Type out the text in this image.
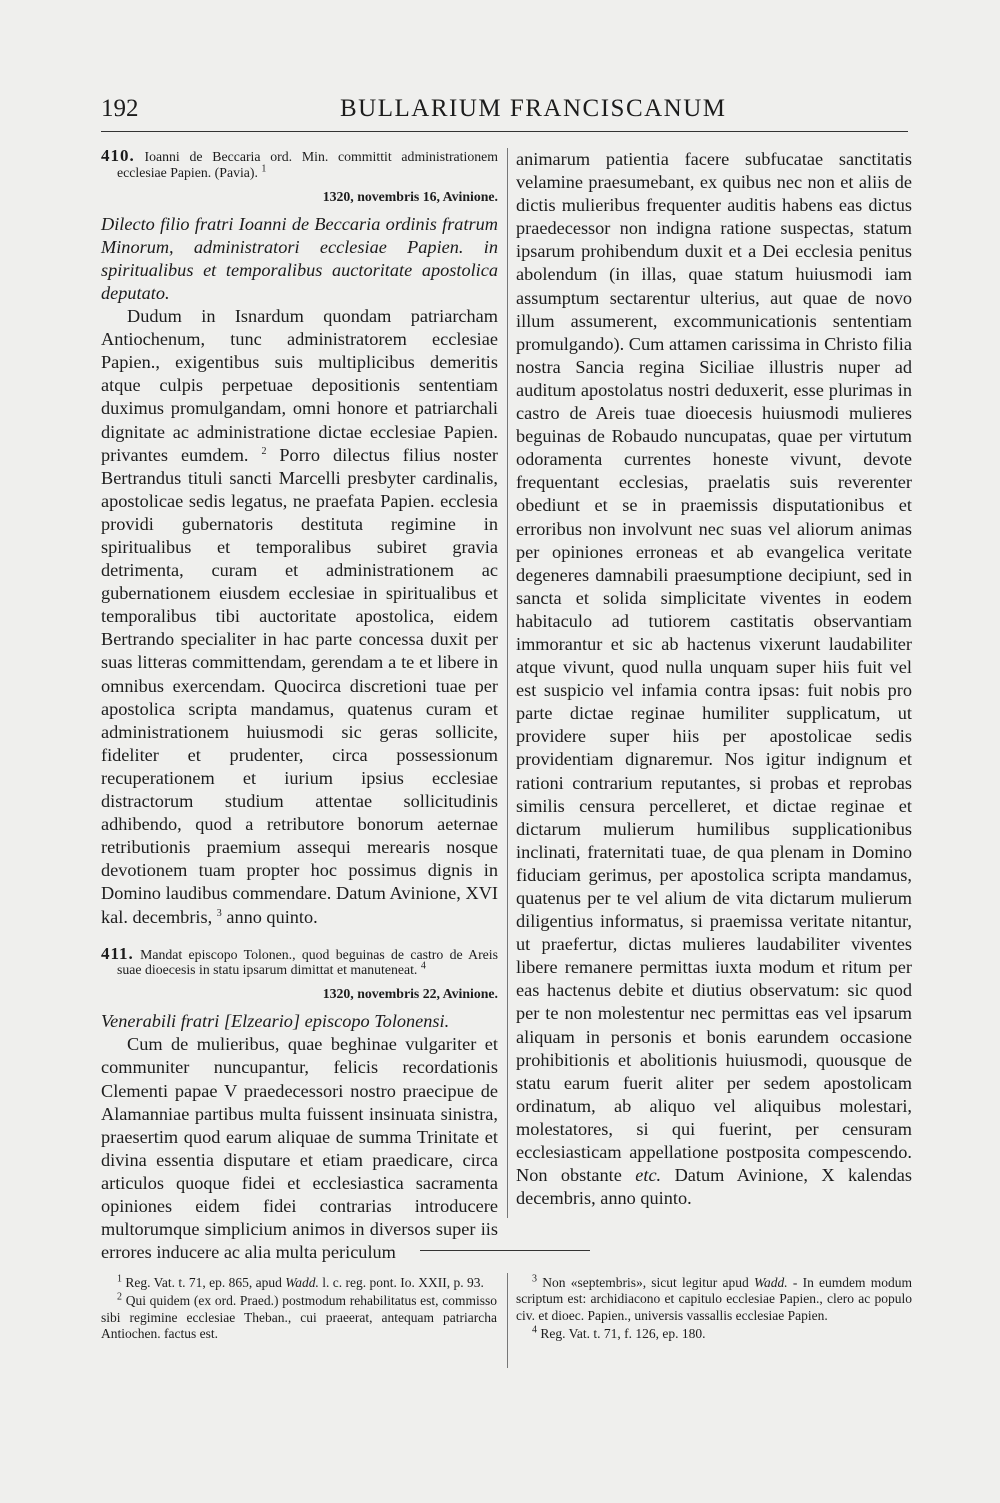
192	BULLARIUM FRANCISCANUM

410. Ioanni de Beccaria ord. Min. committit administrationem ecclesiae Papien. (Pavia). $^1$

1320, novembris 16, Avinione.

Dilecto filio fratri Ioanni de Beccaria ordinis fratrum Minorum, administratori ecclesiae Papien. in spiritualibus et temporalibus auctoritate apostolica deputato.

Dudum in Isnardum quondam patriarcham Antiochenum, tunc administratorem ecclesiae Papien., exigentibus suis multiplicibus demeritis atque culpis perpetuae depositionis sententiam duximus promulgandam, omni honore et patriarchali dignitate ac administratione dictae ecclesiae Papien. privantes eumdem. $^2$ Porro dilectus filius noster Bertrandus tituli sancti Marcelli presbyter cardinalis, apostolicae sedis legatus, ne praefata Papien. ecclesia providi gubernatoris destituta regimine in spiritualibus et temporalibus subiret gravia detrimenta, curam et administrationem ac gubernationem eiusdem ecclesiae in spiritualibus et temporalibus tibi auctoritate apostolica, eidem Bertrando specialiter in hac parte concessa duxit per suas litteras committendam, gerendam a te et libere in omnibus exercendam. Quocirca discretioni tuae per apostolica scripta mandamus, quatenus curam et administrationem huiusmodi sic geras sollicite, fideliter et prudenter, circa possessionum recuperationem et iurium ipsius ecclesiae distractorum studium attentae sollicitudinis adhibendo, quod a retributore bonorum aeternae retributionis praemium assequi merearis nosque devotionem tuam propter hoc possimus dignis in Domino laudibus commendare. Datum Avinione, XVI kal. decembris, $^3$ anno quinto.

411. Mandat episcopo Tolonen., quod beguinas de castro de Areis suae dioecesis in statu ipsarum dimittat et manuteneat. $^4$

1320, novembris 22, Avinione.

Venerabili fratri [Elzeario] episcopo Tolonensi.

Cum de mulieribus, quae beghinae vulgariter et communiter nuncupantur, felicis recordationis Clementi papae V praedecessori nostro praecipue de Alamanniae partibus multa fuissent insinuata sinistra, praesertim quod earum aliquae de summa Trinitate et divina essentia disputare et etiam praedicare, circa articulos quoque fidei et ecclesiastica sacramenta opiniones eidem fidei contrarias introducere multorumque simplicium animos in diversos super iis errores inducere ac alia multa periculum

animarum patientia facere subfucatae sanctitatis velamine praesumebant, ex quibus nec non et aliis de dictis mulieribus frequenter auditis habens eas dictus praedecessor non indigna ratione suspectas, statum ipsarum prohibendum duxit et a Dei ecclesia penitus abolendum (in illas, quae statum huiusmodi iam assumptum sectarentur ulterius, aut quae de novo illum assumerent, excommunicationis sententiam promulgando). Cum attamen carissima in Christo filia nostra Sancia regina Siciliae illustris nuper ad auditum apostolatus nostri deduxerit, esse plurimas in castro de Areis tuae dioecesis huiusmodi mulieres beguinas de Robaudo nuncupatas, quae per virtutum odoramenta currentes honeste vivunt, devote frequentant ecclesias, praelatis suis reverenter obediunt et se in praemissis disputationibus et erroribus non involvunt nec suas vel aliorum animas per opiniones erroneas et ab evangelica veritate degeneres damnabili praesumptione decipiunt, sed in sancta et solida simplicitate viventes in eodem habitaculo ad tutiorem castitatis observantiam immorantur et sic ab hactenus vixerunt laudabiliter atque vivunt, quod nulla unquam super hiis fuit vel est suspicio vel infamia contra ipsas: fuit nobis pro parte dictae reginae humiliter supplicatum, ut providere super hiis per apostolicae sedis providentiam dignaremur. Nos igitur indignum et rationi contrarium reputantes, si probas et reprobas similis censura percelleret, et dictae reginae et dictarum mulierum humilibus supplicationibus inclinati, fraternitati tuae, de qua plenam in Domino fiduciam gerimus, per apostolica scripta mandamus, quatenus per te vel alium de vita dictarum mulierum diligentius informatus, si praemissa veritate nitantur, ut praefertur, dictas mulieres laudabiliter viventes libere remanere permittas iuxta modum et ritum per eas hactenus debite et diutius observatum: sic quod per te non molestentur nec permittas eas vel ipsarum aliquam in personis et bonis earundem occasione prohibitionis et abolitionis huiusmodi, quousque de statu earum fuerit aliter per sedem apostolicam ordinatum, ab aliquo vel aliquibus molestari, molestatores, si qui fuerint, per censuram ecclesiasticam appellatione postposita compescendo. Non obstante etc. Datum Avinione, X kalendas decembris, anno quinto.

$^1$ Reg. Vat. t. 71, ep. 865, apud Wadd. l. c. reg. pont. Io. XXII, p. 93.

$^2$ Qui quidem (ex ord. Praed.) postmodum rehabilitatus est, commisso sibi regimine ecclesiae Theban., cui praeerat, antequam patriarcha Antiochen. factus est.

$^3$ Non «septembris», sicut legitur apud Wadd. - In eumdem modum scriptum est: archidiacono et capitulo ecclesiae Papien., clero ac populo civ. et dioec. Papien., universis vassallis ecclesiae Papien.

$^4$ Reg. Vat. t. 71, f. 126, ep. 180.
